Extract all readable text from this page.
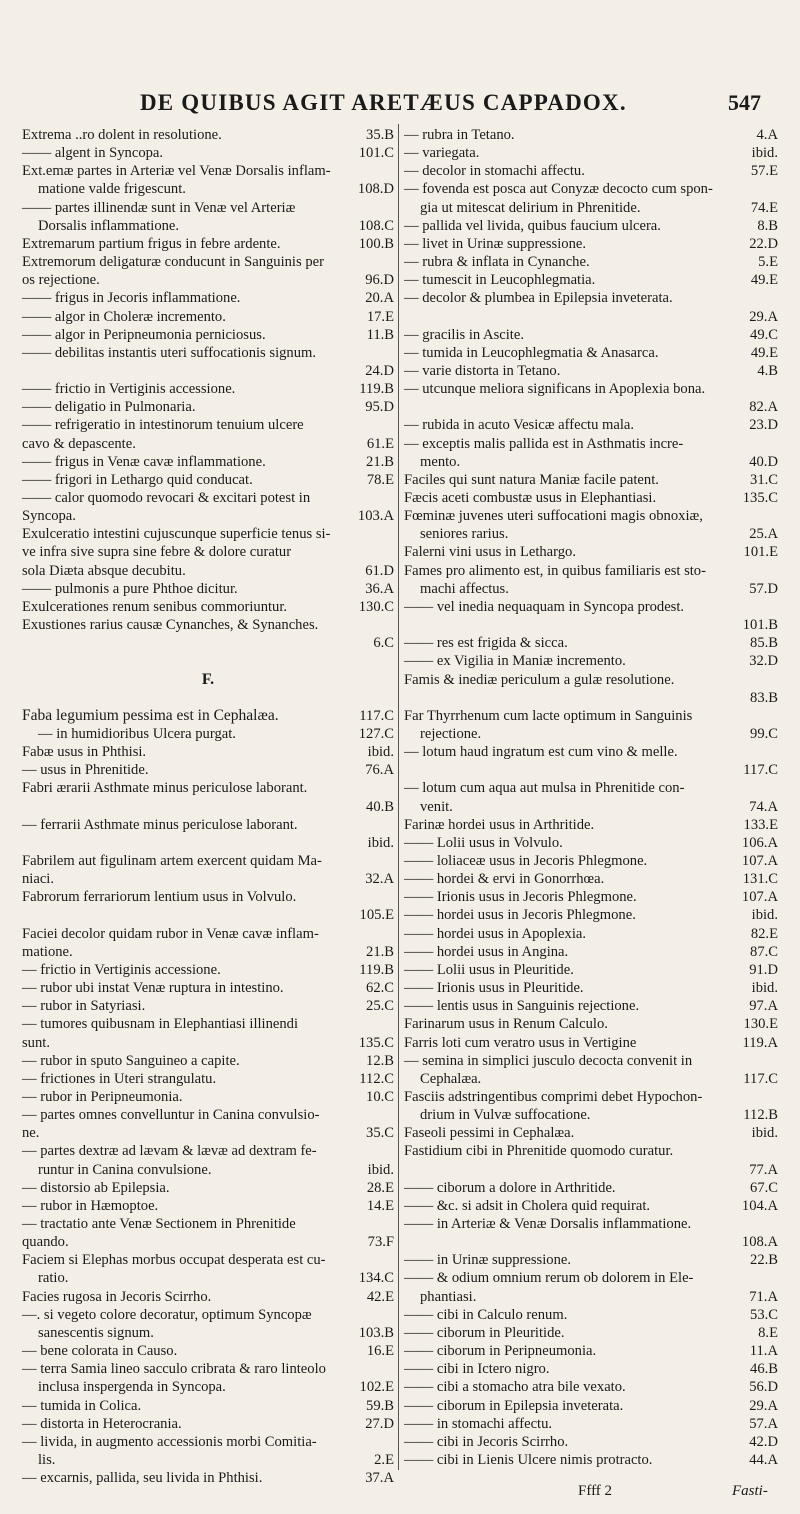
DE QUIBUS AGIT ARETÆUS CAPPADOX.	547
Extrema ..ro dolent in resolutione.	35.B
—— algent in Syncopa.	101.C
Ext.emæ partes in Arteriæ vel Venæ Dorsalis inflam-
matione valde frigescunt.	108.D
—— partes illinendæ sunt in Venæ vel Arteriæ
Dorsalis inflammatione.	108.C
Extremarum partium frigus in febre ardente.	100.B
Extremorum deligaturæ conducunt in Sanguinis per
os rejectione.	96.D
—— frigus in Jecoris inflammatione.	20.A
—— algor in Choleræ incremento.	17.E
—— algor in Peripneumonia perniciosus.	11.B
—— debilitas instantis uteri suffocationis signum.
24.D
—— frictio in Vertiginis accessione.	119.B
—— deligatio in Pulmonaria.	95.D
—— refrigeratio in intestinorum tenuium ulcere
cavo & depascente.	61.E
—— frigus in Venæ cavæ inflammatione.	21.B
—— frigori in Lethargo quid conducat.	78.E
—— calor quomodo revocari & excitari potest in
Syncopa.	103.A
Exulceratio intestini cujuscunque superficie tenus si-
ve infra sive supra sine febre & dolore curatur
sola Diæta absque decubitu.	61.D
—— pulmonis a pure Phthoe dicitur.	36.A
Exulcerationes renum senibus commoriuntur.	130.C
Exustiones rarius causæ Cynanches, & Synanches.
6.C
F.
Faba legumium pessima est in Cephalæa.	117.C
— in humidioribus Ulcera purgat.	127.C
Fabæ usus in Phthisi.	ibid.
— usus in Phrenitide.	76.A
Fabri ærarii Asthmate minus periculose laborant.
40.B
— ferrarii Asthmate minus periculose laborant.
ibid.
Fabrilem aut figulinam artem exercent quidam Ma-
niaci.	32.A
Fabrorum ferrariorum lentium usus in Volvulo.
105.E
Faciei decolor quidam rubor in Venæ cavæ inflam-
matione.	21.B
— frictio in Vertiginis accessione.	119.B
— rubor ubi instat Venæ ruptura in intestino.	62.C
— rubor in Satyriasi.	25.C
— tumores quibusnam in Elephantiasi illinendi
sunt.	135.C
— rubor in sputo Sanguineo a capite.	12.B
— frictiones in Uteri strangulatu.	112.C
— rubor in Peripneumonia.	10.C
— partes omnes convelluntur in Canina convulsio-
ne.	35.C
— partes dextræ ad lævam & lævæ ad dextram fe-
runtur in Canina convulsione.	ibid.
— distorsio ab Epilepsia.	28.E
— rubor in Hæmoptoe.	14.E
— tractatio ante Venæ Sectionem in Phrenitide
quando.	73.F
Faciem si Elephas morbus occupat desperata est cu-
ratio.	134.C
Facies rugosa in Jecoris Scirrho.	42.E
—. si vegeto colore decoratur, optimum Syncopæ
sanescentis signum.	103.B
— bene colorata in Causo.	16.E
— terra Samia lineo sacculo cribrata & raro linteolo
inclusa inspergenda in Syncopa.	102.E
— tumida in Colica.	59.B
— distorta in Heterocrania.	27.D
— livida, in augmento accessionis morbi Comitia-
lis.	2.E
— excarnis, pallida, seu livida in Phthisi.	37.A
— rubra in Tetano.	4.A
— variegata.	ibid.
— decolor in stomachi affectu.	57.E
— fovenda est posca aut Conyzæ decocto cum spon-
gia ut mitescat delirium in Phrenitide.	74.E
— pallida vel livida, quibus faucium ulcera.	8.B
— livet in Urinæ suppressione.	22.D
— rubra & inflata in Cynanche.	5.E
— tumescit in Leucophlegmatia.	49.E
— decolor & plumbea in Epilepsia inveterata.
29.A
— gracilis in Ascite.	49.C
— tumida in Leucophlegmatia & Anasarca.	49.E
— varie distorta in Tetano.	4.B
— utcunque meliora significans in Apoplexia bona.
82.A
— rubida in acuto Vesicæ affectu mala.	23.D
— exceptis malis pallida est in Asthmatis incre-
mento.	40.D
Faciles qui sunt natura Maniæ facile patent.	31.C
Fæcis aceti combustæ usus in Elephantiasi.	135.C
Fœminæ juvenes uteri suffocationi magis obnoxiæ,
seniores rarius.	25.A
Falerni vini usus in Lethargo.	101.E
Fames pro alimento est, in quibus familiaris est sto-
machi affectus.	57.D
—— vel inedia nequaquam in Syncopa prodest.
101.B
—— res est frigida & sicca.	85.B
—— ex Vigilia in Maniæ incremento.	32.D
Famis & inediæ periculum a gulæ resolutione.
83.B
Far Thyrrhenum cum lacte optimum in Sanguinis
rejectione.	99.C
— lotum haud ingratum est cum vino & melle.
117.C
— lotum cum aqua aut mulsa in Phrenitide con-
venit.	74.A
Farinæ hordei usus in Arthritide.	133.E
—— Lolii usus in Volvulo.	106.A
—— loliaceæ usus in Jecoris Phlegmone.	107.A
—— hordei & ervi in Gonorrhœa.	131.C
—— Irionis usus in Jecoris Phlegmone.	107.A
—— hordei usus in Jecoris Phlegmone.	ibid.
—— hordei usus in Apoplexia.	82.E
—— hordei usus in Angina.	87.C
—— Lolii usus in Pleuritide.	91.D
—— Irionis usus in Pleuritide.	ibid.
—— lentis usus in Sanguinis rejectione.	97.A
Farinarum usus in Renum Calculo.	130.E
Farris loti cum veratro usus in Vertigine	119.A
— semina in simplici jusculo decocta convenit in
Cephalæa.	117.C
Fasciis adstringentibus comprimi debet Hypochon-
drium in Vulvæ suffocatione.	112.B
Faseoli pessimi in Cephalæa.	ibid.
Fastidium cibi in Phrenitide quomodo curatur.
77.A
—— ciborum a dolore in Arthritide.	67.C
—— &c. si adsit in Cholera quid requirat.	104.A
—— in Arteriæ & Venæ Dorsalis inflammatione.
108.A
—— in Urinæ suppressione.	22.B
—— & odium omnium rerum ob dolorem in Ele-
phantiasi.	71.A
—— cibi in Calculo renum.	53.C
—— ciborum in Pleuritide.	8.E
—— ciborum in Peripneumonia.	11.A
—— cibi in Ictero nigro.	46.B
—— cibi a stomacho atra bile vexato.	56.D
—— ciborum in Epilepsia inveterata.	29.A
—— in stomachi affectu.	57.A
—— cibi in Jecoris Scirrho.	42.D
—— cibi in Lienis Ulcere nimis protracto.	44.A
Ffff 2	Fasti-
